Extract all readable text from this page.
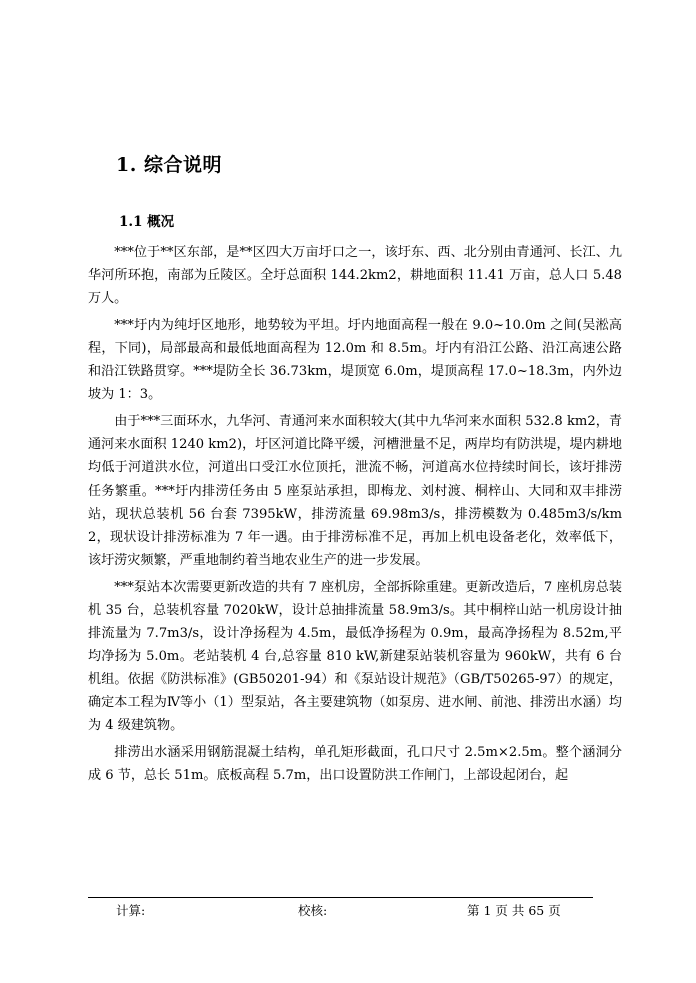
1. 综合说明
1.1 概况

***位于**区东部，是**区四大万亩圩口之一，该圩东、西、北分别由青通河、长江、九华河所环抱，南部为丘陵区。全圩总面积 144.2km2，耕地面积 11.41 万亩，总人口 5.48 万人。

***圩内为纯圩区地形，地势较为平坦。圩内地面高程一般在 9.0~10.0m 之间(吴淞高程，下同)，局部最高和最低地面高程为 12.0m 和 8.5m。圩内有沿江公路、沿江高速公路和沿江铁路贯穿。***堤防全长 36.73km，堤顶宽 6.0m，堤顶高程 17.0~18.3m，内外边坡为 1：3。

由于***三面环水，九华河、青通河来水面积较大(其中九华河来水面积 532.8 km2，青通河来水面积 1240 km2)，圩区河道比降平缓，河槽泄量不足，两岸均有防洪堤，堤内耕地均低于河道洪水位，河道出口受江水位顶托，泄流不畅，河道高水位持续时间长，该圩排涝任务繁重。***圩内排涝任务由 5 座泵站承担，即梅龙、刘村渡、桐梓山、大同和双丰排涝站，现状总装机 56 台套 7395kW，排涝流量 69.98m3/s，排涝模数为 0.485m3/s/km2，现状设计排涝标准为 7 年一遇。由于排涝标准不足，再加上机电设备老化，效率低下，该圩涝灾频繁，严重地制约着当地农业生产的进一步发展。

***泵站本次需要更新改造的共有 7 座机房，全部拆除重建。更新改造后，7 座机房总装机 35 台，总装机容量 7020kW，设计总抽排流量 58.9m3/s。其中桐梓山站一机房设计抽排流量为 7.7m3/s，设计净扬程为 4.5m，最低净扬程为 0.9m，最高净扬程为 8.52m,平均净扬为 5.0m。老站装机 4 台,总容量 810 kW,新建泵站装机容量为 960kW，共有 6 台机组。依据《防洪标准》(GB50201-94）和《泵站设计规范》（GB/T50265-97）的规定，确定本工程为Ⅳ等小（1）型泵站，各主要建筑物（如泵房、进水闸、前池、排涝出水涵）均为 4 级建筑物。

排涝出水涵采用钢筋混凝土结构，单孔矩形截面，孔口尺寸 2.5m×2.5m。整个涵洞分成 6 节，总长 51m。底板高程 5.7m，出口设置防洪工作闸门，上部设起闭台，起

计算:	校核:	第 1 页 共 65 页
